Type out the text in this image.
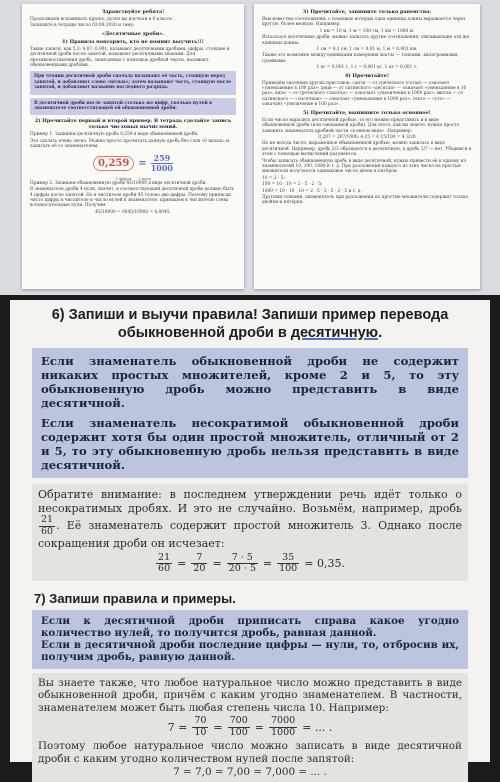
Здравствуйте ребята!
Продолжаем вспоминать кратко, дуэти вы изучали в 6 классе .
Запишите в тетради число 03.09.2020 и тему:
«Десятичные дроби».
1) Правила повторить, кто не помнит выучить!!!
Такие записи, как 5,3; 4,07; 0,001, называют десятичными дробями; цифры, стоящие в десятичной дроби после запятой, называют десятичными знаками. Для противопоставления дробь, записанные с помощью дробной черты, называют обыкновенными дробями.
При чтении десятичной дроби сначала называют её часть, стоящую перед запятой, и добавляют слово «целых»; затем называют часть, стоящую после запятой, и добавляют название последнего разряда.
В десятичной дроби после запятой столько же цифр, сколько нулей в знаменателе соответствующей ей обыкновенной дроби.
2) Прочитайте первый и второй пример. В тетрадь сделайте запись только числовых вычислений.
Пример 1. Запишем десятичную дробь 0,259 в виде обыкновенной дроби.
Это сделать очень легко. Можно просто прочитать данную дробь без слов «0 целых» и записать её со знаменателем:
$0,259 = \frac{259}{1000}$
3 цифры 3 нуля
Пример 2. Запишем обыкновенную дробь 45/10000 в виде десятичной дроби.
В знаменателе дроби 4 нуля, значит, в соответствующей десятичной дроби должно быть 4 цифры после запятой. Но в числителе дроби 45 только две цифры. Поэтому приписав чисто цифры в числителе и число нулей в знаменателе, припишем к числителю слева вспомогательные нули. Получим
45/10000 = 0045/10000 = 0,0045.
3) Прочитайте, запишите только равенства:
Вам известны соотношения, с помощью которых одна единица длины выражается через другую, более мелкую. Например:
1 км = 10 м, 1 м = 100 см, 1 км = 1000 м.
Используя десятичные дроби, можно записать другие соотношения, связывающие эти же единицы длины:
1 см = 0,1 см, 1 см = 0,01 м, 1 м = 0,001 км.
Также это возможно между единицами измерения массы — тоннами, килограммами, граммами:
1 кг = 0,001 т, 1 г = 0,001 кг, 1 кг = 0,001 т.
4) Прочитайте!
Приведём значения других приставок: санти — от греческого (сотая) — означает «уменьшение в 100 раз»; деци — от латинского «десятая» — означает «уменьшение в 10 раз»; кило — от греческого «тысяча» — означает «увеличение в 1000 раз»; милли — от латинского — «тысячная» — означает «уменьшение в 1000 раз»; гекто — «сто» — означает «увеличение в 100 раз».
5) Прочитайте, выпишите только основное!
Если число выразить десятичной дробью, то его можно представить и в виде обыкновенной дроби (или смешанной дроби). Для этого, как вы знаете, нужно просто заменить знаменатель дробной части «в явном виде». Например:
0,207 = 207/1000; 4,15 = 4 15/100 = 4 3/20
Но не всегда число, выраженное обыкновенной дробью, можно записать в виде десятичной. Например, дробь 2/3 обращается в десятичную, а дробь 1/7 — нет. Убедимся в этом с помощью вычислений разумеется.
Чтобы записать обыкновенную дробь в виде десятичной, нужно привести её к одному из знаменателей 10, 100, 1000 и т. д. При разложении каждого из этих чисел на простые множители получается одинаковое число двоек и пятёрок:
10 = 2 · 5;
100 = 10 · 10 = 2 · 5 · 2 · 5;
1000 = 10 · 10 · 10 = 2 · 5 · 2 · 5 · 2 · 5 и т. д.
Другими словами, знаменатель при разложении на простые множители содержит только двойки и пятёрки.
6) Запиши и выучи правила! Запиши пример перевода обыкновенной дроби в десятичную.

Если знаменатель обыкновенной дроби не содержит никаких простых множителей, кроме 2 и 5, то эту обыкновенную дробь можно представить в виде десятичной.

Если знаменатель несократимой обыкновенной дроби содержит хотя бы один простой множитель, отличный от 2 и 5, то эту обыкновенную дробь нельзя представить в виде десятичной.

Обратите внимание: в последнем утверждении речь идёт только о несократимых дробях. И это не случайно. Возьмём, например, дробь
$\frac{21}{60}$ . Её знаменатель содержит простой множитель 3. Однако после сокращения дроби он исчезает:
$\frac{21}{60} = \frac{7}{20} = \frac{7 \cdot 5}{20 \cdot 5} = \frac{35}{100} = 0,35$.
7) Запиши правила и примеры.

Если к десятичной дроби приписать справа какое угодно количество нулей, то получится дробь, равная данной.

Если в десятичной дроби последние цифры — нули, то, отбросив их, получим дробь, равную данной.

Вы знаете также, что любое натуральное число можно представить в виде обыкновенной дроби, причём с каким угодно знаменателем. В частности, знаменателем может быть любая степень числа 10. Например:
$7 = \frac{70}{10} = \frac{700}{100} = \frac{7000}{1000}$ = ... .
Поэтому любое натуральное число можно записать в виде десятичной дроби с каким угодно количеством нулей после запятой:
7 = 7,0 = 7,00 = 7,000 = ... .
